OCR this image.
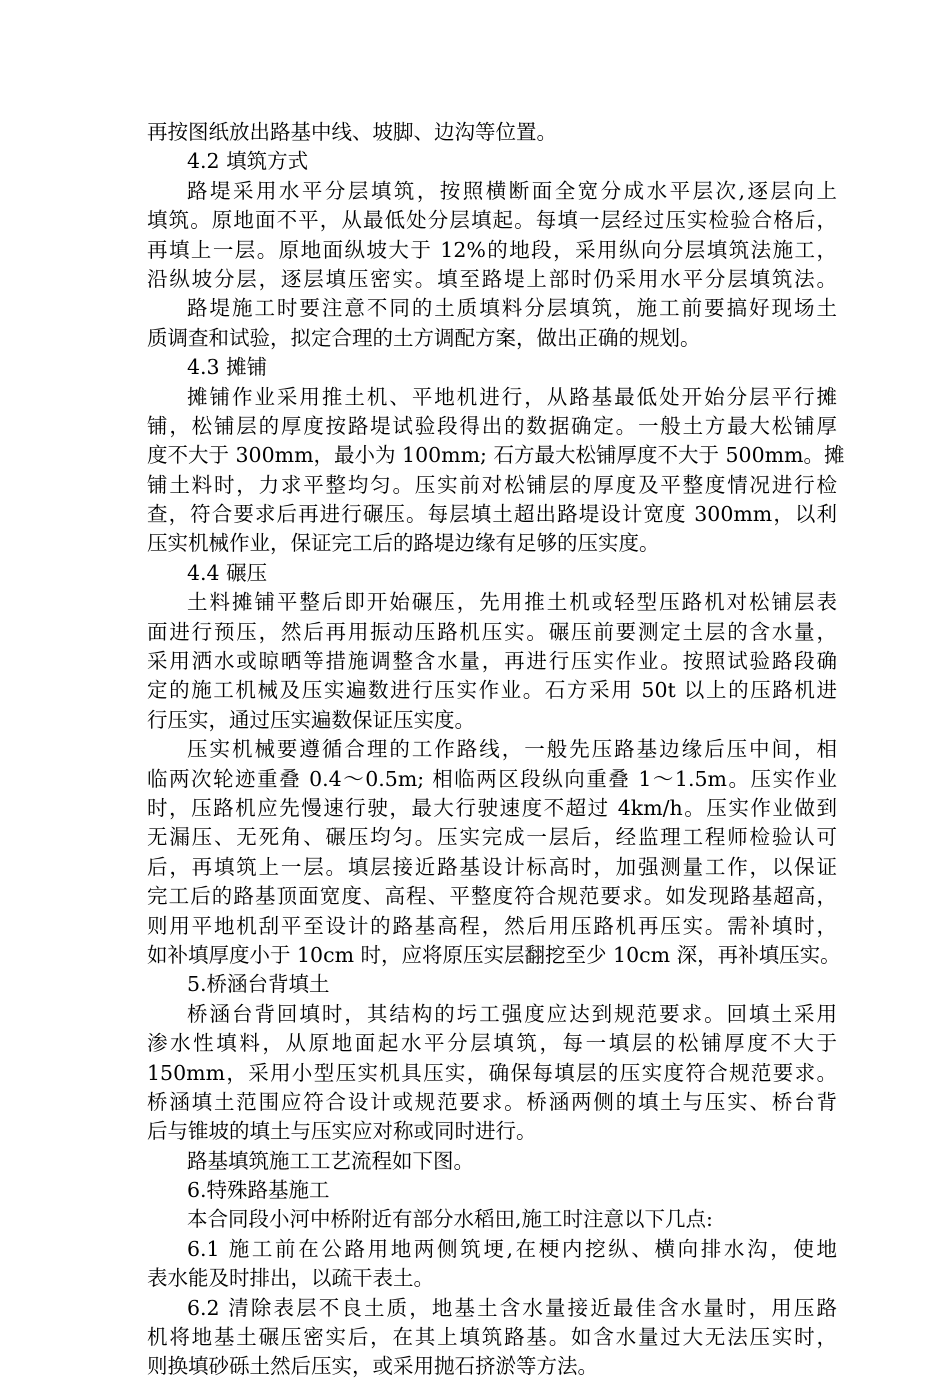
再按图纸放出路基中线、坡脚、边沟等位置。
4.2 填筑方式
路堤采用水平分层填筑，按照横断面全宽分成水平层次,逐层向上
填筑。原地面不平，从最低处分层填起。每填一层经过压实检验合格后，
再填上一层。原地面纵坡大于 12%的地段，采用纵向分层填筑法施工，
沿纵坡分层，逐层填压密实。填至路堤上部时仍采用水平分层填筑法。
路堤施工时要注意不同的土质填料分层填筑，施工前要搞好现场土
质调查和试验，拟定合理的土方调配方案，做出正确的规划。
4.3 摊铺
摊铺作业采用推土机、平地机进行，从路基最低处开始分层平行摊
铺，松铺层的厚度按路堤试验段得出的数据确定。一般土方最大松铺厚
度不大于 300mm，最小为 100mm; 石方最大松铺厚度不大于 500mm。摊
铺土料时，力求平整均匀。压实前对松铺层的厚度及平整度情况进行检
查，符合要求后再进行碾压。每层填土超出路堤设计宽度 300mm，以利
压实机械作业，保证完工后的路堤边缘有足够的压实度。
4.4 碾压
土料摊铺平整后即开始碾压，先用推土机或轻型压路机对松铺层表
面进行预压，然后再用振动压路机压实。碾压前要测定土层的含水量，
采用洒水或晾晒等措施调整含水量，再进行压实作业。按照试验路段确
定的施工机械及压实遍数进行压实作业。石方采用 50t 以上的压路机进
行压实，通过压实遍数保证压实度。
压实机械要遵循合理的工作路线，一般先压路基边缘后压中间，相
临两次轮迹重叠 0.4～0.5m; 相临两区段纵向重叠 1～1.5m。压实作业
时，压路机应先慢速行驶，最大行驶速度不超过 4km/h。压实作业做到
无漏压、无死角、碾压均匀。压实完成一层后，经监理工程师检验认可
后，再填筑上一层。填层接近路基设计标高时，加强测量工作，以保证
完工后的路基顶面宽度、高程、平整度符合规范要求。如发现路基超高，
则用平地机刮平至设计的路基高程，然后用压路机再压实。需补填时，
如补填厚度小于 10cm 时，应将原压实层翻挖至少 10cm 深，再补填压实。
5.桥涵台背填土
桥涵台背回填时，其结构的圬工强度应达到规范要求。回填土采用
渗水性填料，从原地面起水平分层填筑，每一填层的松铺厚度不大于
150mm，采用小型压实机具压实，确保每填层的压实度符合规范要求。
桥涵填土范围应符合设计或规范要求。桥涵两侧的填土与压实、桥台背
后与锥坡的填土与压实应对称或同时进行。
路基填筑施工工艺流程如下图。
6.特殊路基施工
本合同段小河中桥附近有部分水稻田,施工时注意以下几点:
6.1 施工前在公路用地两侧筑埂,在梗内挖纵、横向排水沟，使地
表水能及时排出，以疏干表土。
6.2 清除表层不良土质，地基土含水量接近最佳含水量时，用压路
机将地基土碾压密实后，在其上填筑路基。如含水量过大无法压实时，
则换填砂砾土然后压实，或采用抛石挤淤等方法。
